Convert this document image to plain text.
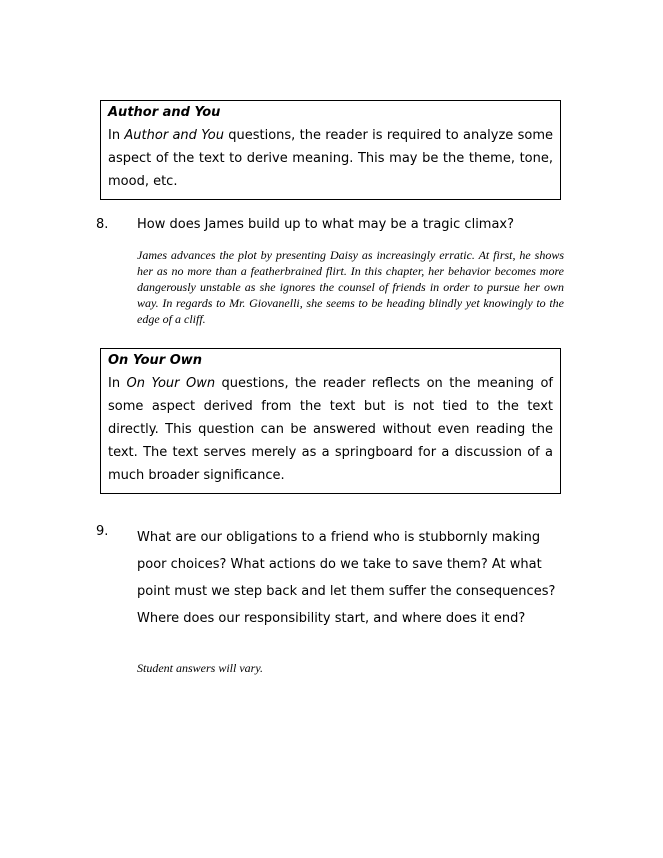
Author and You

In Author and You questions, the reader is required to analyze some aspect of the text to derive meaning. This may be the theme, tone, mood, etc.

8. How does James build up to what may be a tragic climax?

James advances the plot by presenting Daisy as increasingly erratic. At first, he shows her as no more than a featherbrained flirt. In this chapter, her behavior becomes more dangerously unstable as she ignores the counsel of friends in order to pursue her own way. In regards to Mr. Giovanelli, she seems to be heading blindly yet knowingly to the edge of a cliff.

On Your Own

In On Your Own questions, the reader reflects on the meaning of some aspect derived from the text but is not tied to the text directly. This question can be answered without even reading the text. The text serves merely as a springboard for a discussion of a much broader significance.

9. What are our obligations to a friend who is stubbornly making poor choices? What actions do we take to save them? At what point must we step back and let them suffer the consequences? Where does our responsibility start, and where does it end?

Student answers will vary.
